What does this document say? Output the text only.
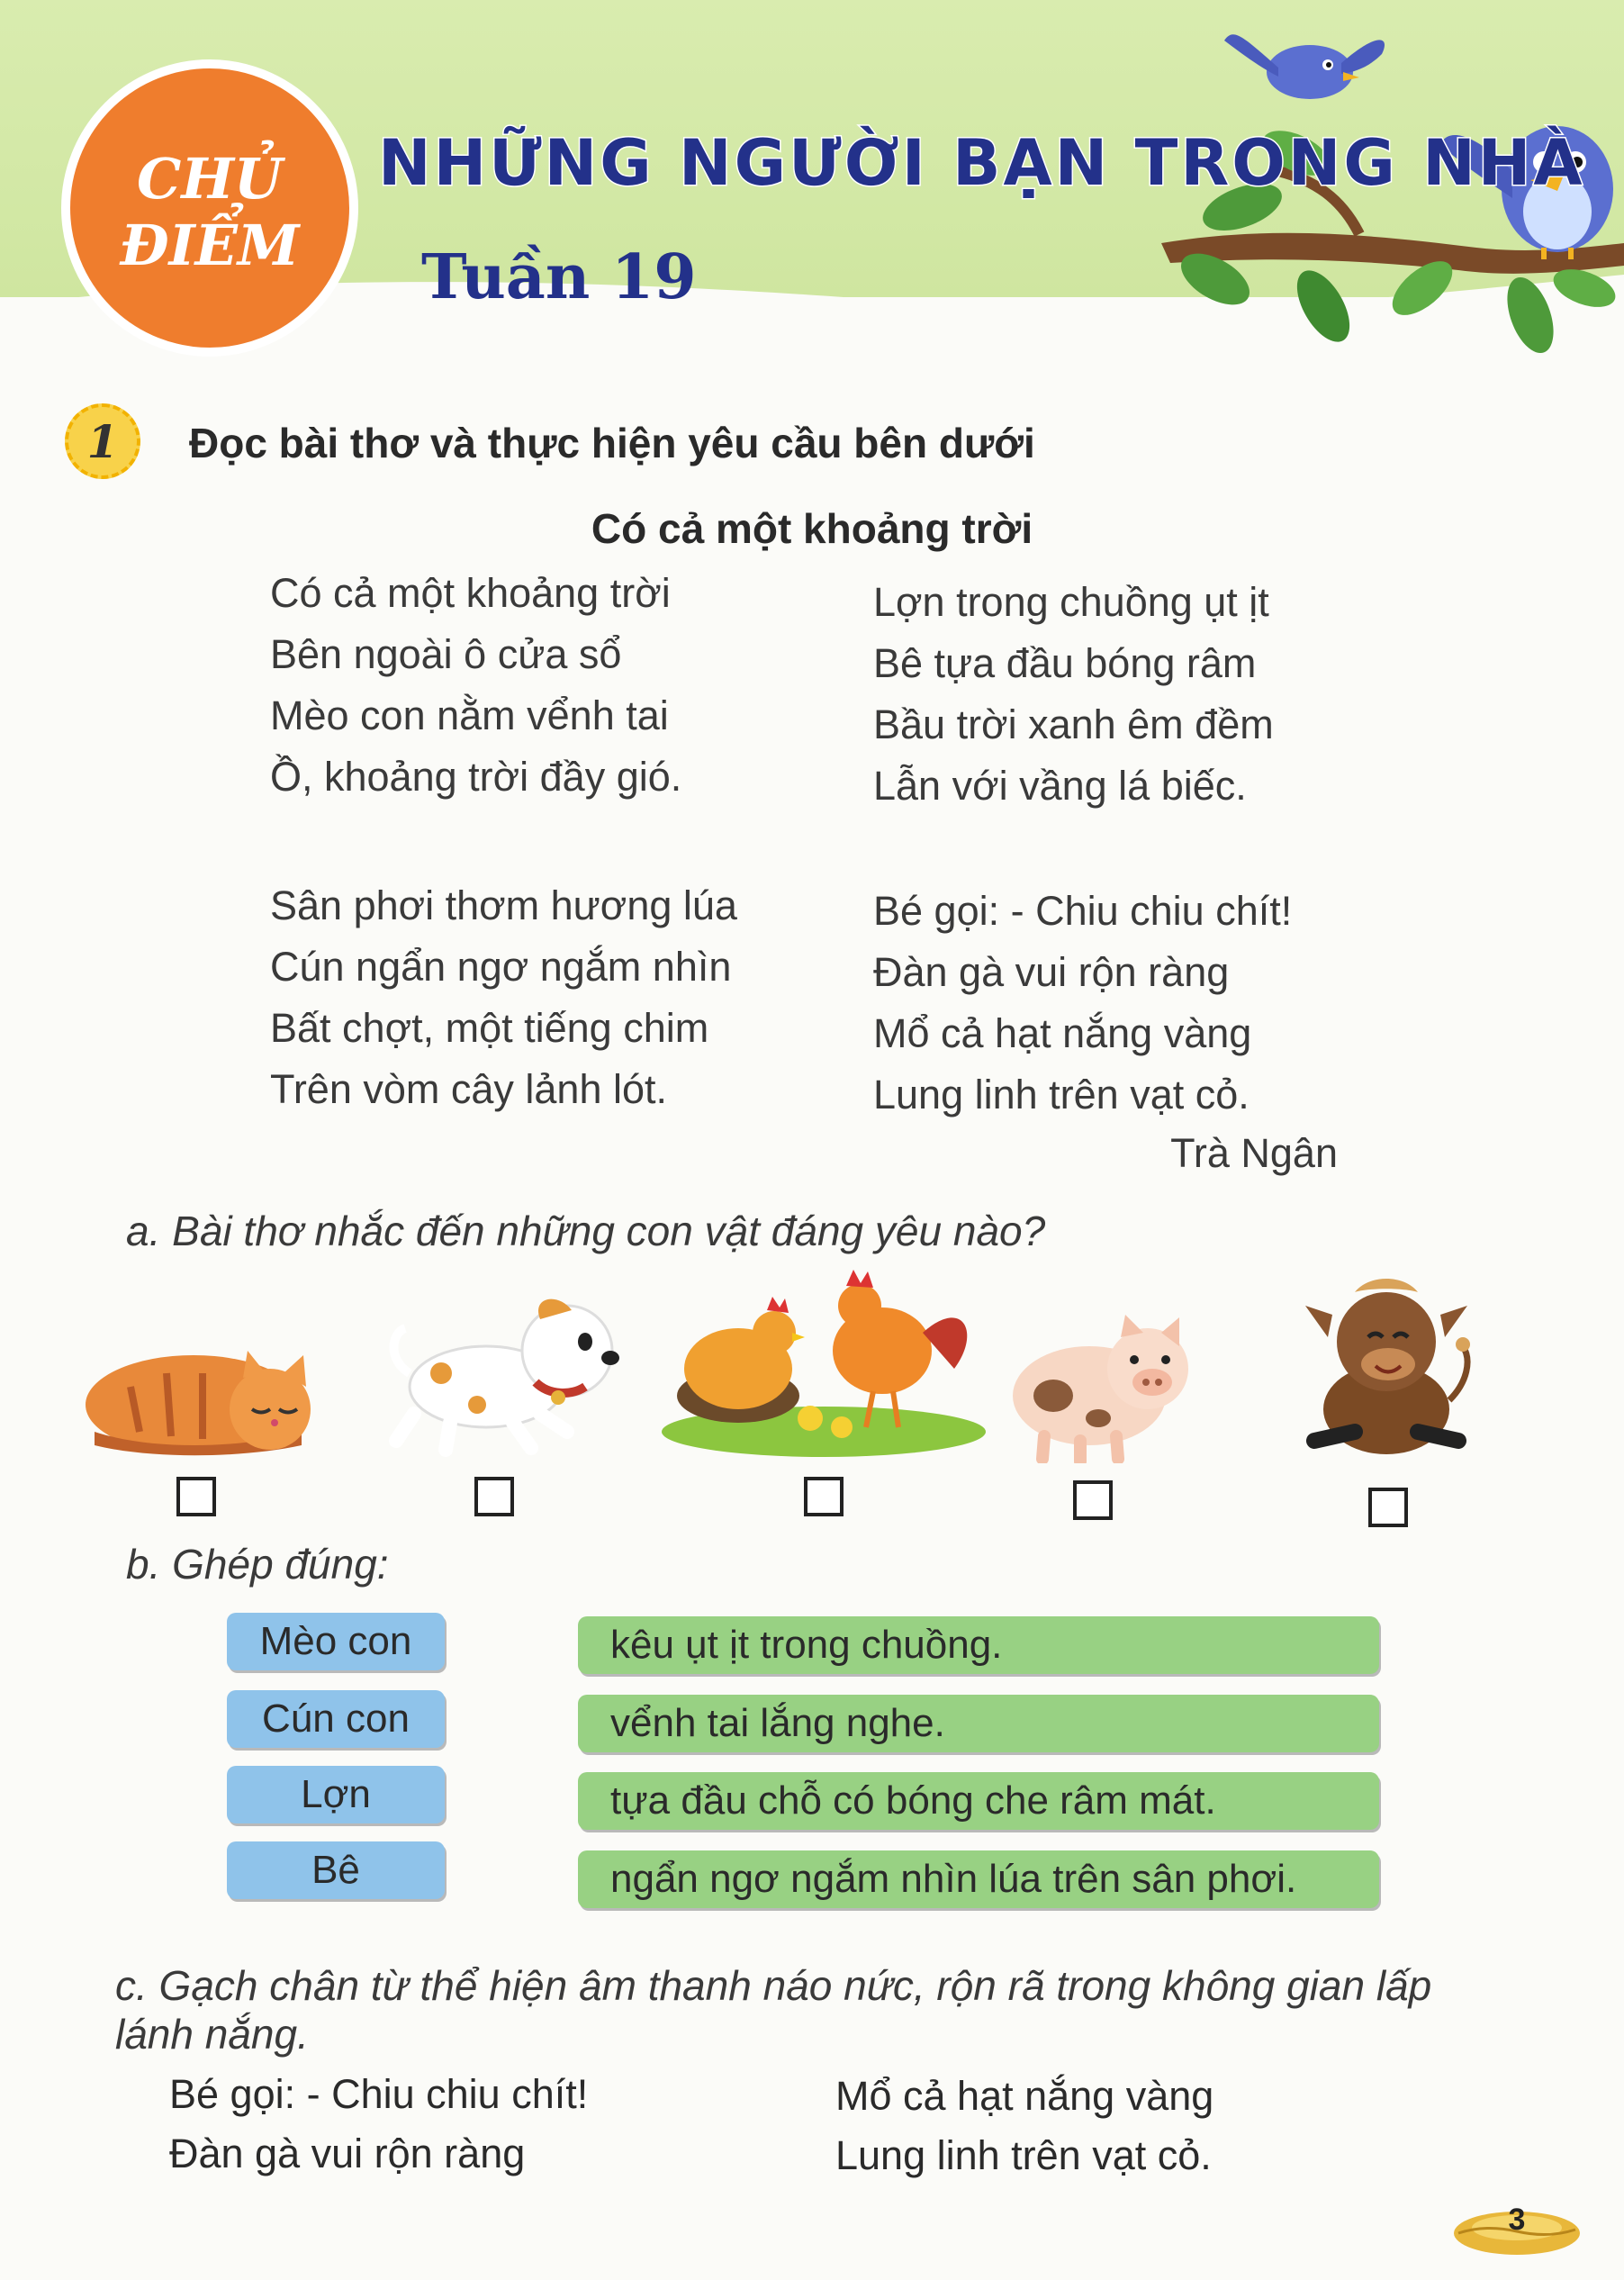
CHỦ
ĐIỂM
NHỮNG NGƯỜI BẠN TRONG NHÀ
Tuần 19
1	Đọc bài thơ và thực hiện yêu cầu bên dưới
Có cả một khoảng trời
Có cả một khoảng trời
Bên ngoài ô cửa sổ
Mèo con nằm vểnh tai
Ồ, khoảng trời đầy gió.
Lợn trong chuồng ụt ịt
Bê tựa đầu bóng râm
Bầu trời xanh êm đềm
Lẫn với vầng lá biếc.
Sân phơi thơm hương lúa
Cún ngẩn ngơ ngắm nhìn
Bất chợt, một tiếng chim
Trên vòm cây lảnh lót.
Bé gọi: - Chiu chiu chít!
Đàn gà vui rộn ràng
Mổ cả hạt nắng vàng
Lung linh trên vạt cỏ.
Trà Ngân
a. Bài thơ nhắc đến những con vật đáng yêu nào?
b. Ghép đúng:
Mèo con
Cún con
Lợn
Bê
kêu ụt ịt trong chuồng.
vểnh tai lắng nghe.
tựa đầu chỗ có bóng che râm mát.
ngẩn ngơ ngắm nhìn lúa trên sân phơi.
c. Gạch chân từ thể hiện âm thanh náo nức, rộn rã trong không gian lấp
lánh nắng.
Bé gọi: - Chiu chiu chít!
Đàn gà vui rộn ràng
Mổ cả hạt nắng vàng
Lung linh trên vạt cỏ.
3
